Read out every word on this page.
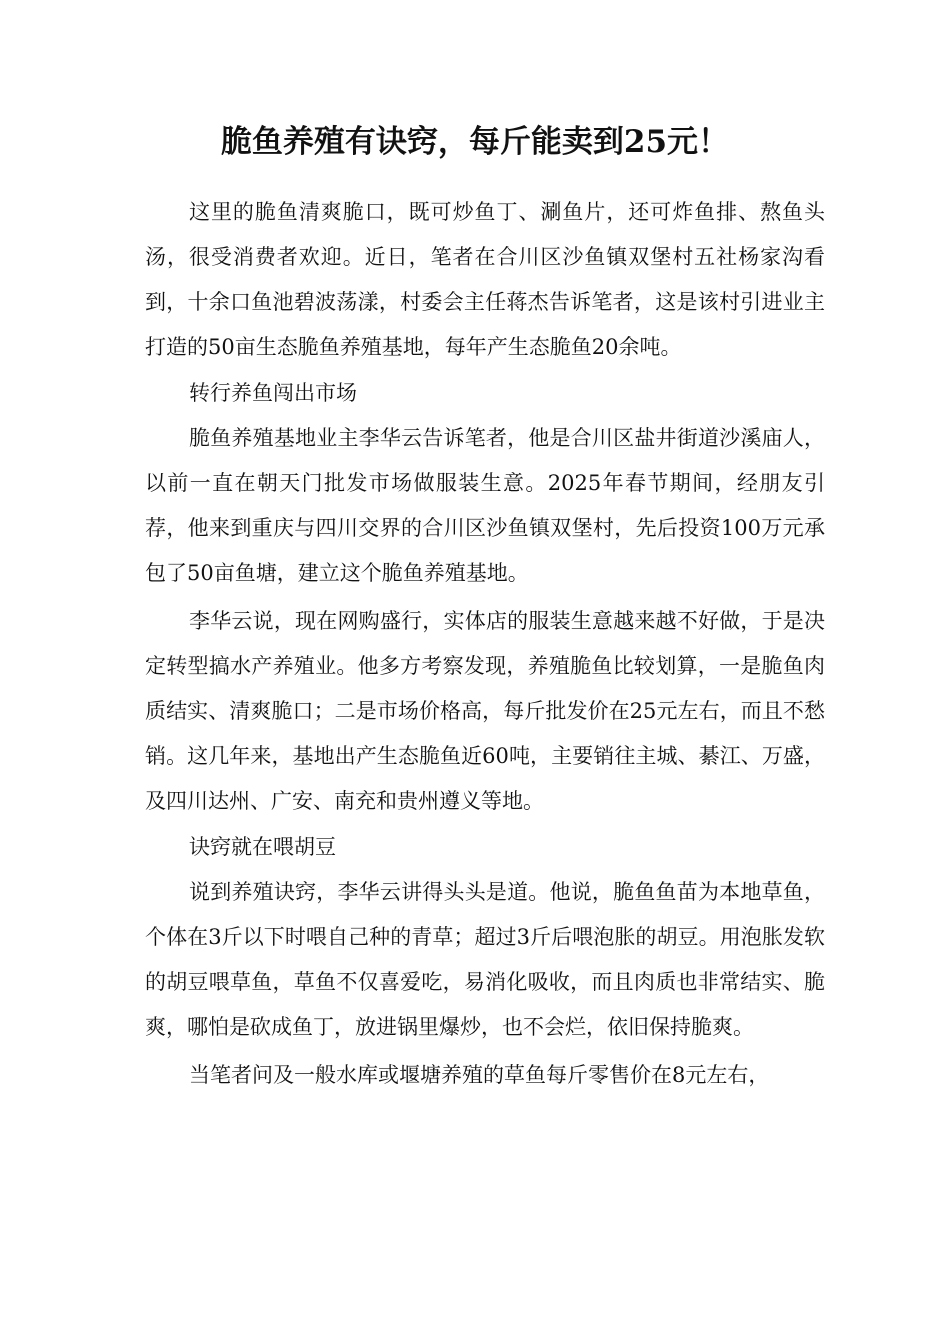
脆鱼养殖有诀窍，每斤能卖到25元！

这里的脆鱼清爽脆口，既可炒鱼丁、涮鱼片，还可炸鱼排、熬鱼头汤，很受消费者欢迎。近日，笔者在合川区沙鱼镇双堡村五社杨家沟看到，十余口鱼池碧波荡漾，村委会主任蒋杰告诉笔者，这是该村引进业主打造的50亩生态脆鱼养殖基地，每年产生态脆鱼20余吨。

转行养鱼闯出市场

脆鱼养殖基地业主李华云告诉笔者，他是合川区盐井街道沙溪庙人，以前一直在朝天门批发市场做服装生意。2025年春节期间，经朋友引荐，他来到重庆与四川交界的合川区沙鱼镇双堡村，先后投资100万元承包了50亩鱼塘，建立这个脆鱼养殖基地。

李华云说，现在网购盛行，实体店的服装生意越来越不好做，于是决定转型搞水产养殖业。他多方考察发现，养殖脆鱼比较划算，一是脆鱼肉质结实、清爽脆口；二是市场价格高，每斤批发价在25元左右，而且不愁销。这几年来，基地出产生态脆鱼近60吨，主要销往主城、綦江、万盛，及四川达州、广安、南充和贵州遵义等地。

诀窍就在喂胡豆

说到养殖诀窍，李华云讲得头头是道。他说，脆鱼鱼苗为本地草鱼，个体在3斤以下时喂自己种的青草；超过3斤后喂泡胀的胡豆。用泡胀发软的胡豆喂草鱼，草鱼不仅喜爱吃，易消化吸收，而且肉质也非常结实、脆爽，哪怕是砍成鱼丁，放进锅里爆炒，也不会烂，依旧保持脆爽。

当笔者问及一般水库或堰塘养殖的草鱼每斤零售价在8元左右，
